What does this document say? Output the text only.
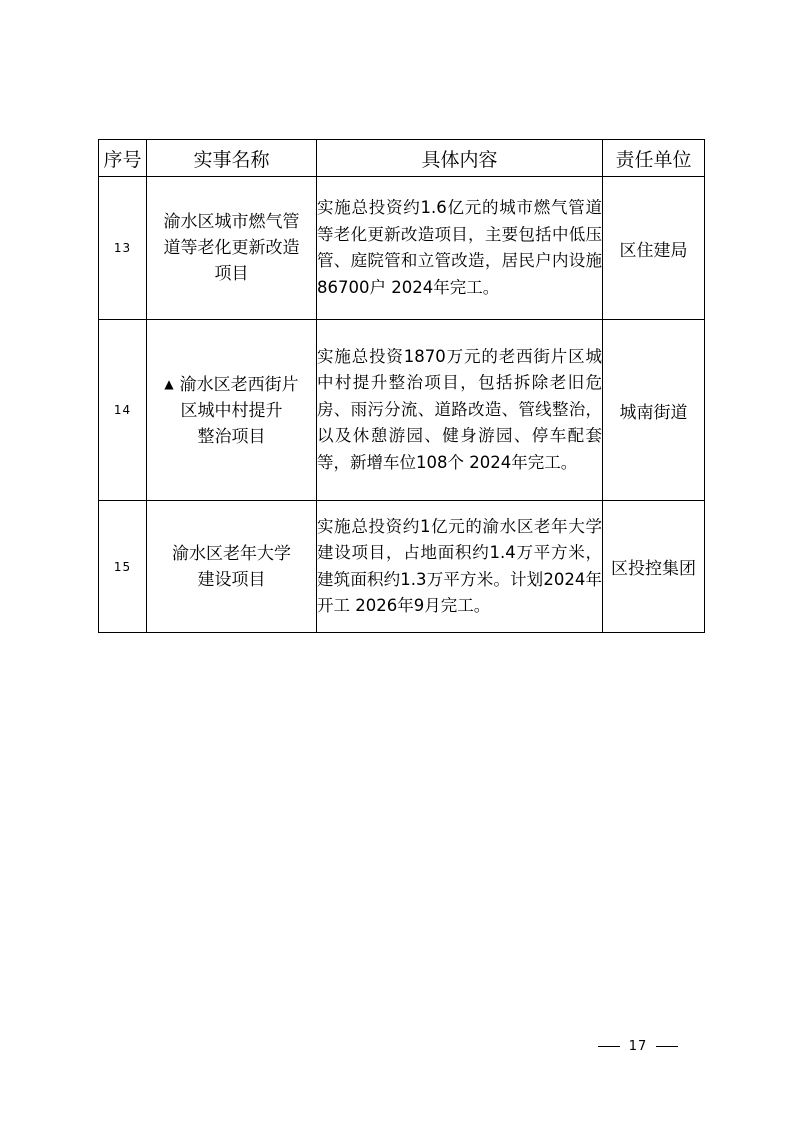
序号	实事名称	具体内容	责任单位
13	渝水区城市燃气管
道等老化更新改造
项目	实施总投资约1.6亿元的城市燃气管道等老化更新改造项目，主要包括中低压管、庭院管和立管改造，居民户内设施86700户 2024年完工。	区住建局
14	▲ 渝水区老西街片
区城中村提升
整治项目	实施总投资1870万元的老西街片区城中村提升整治项目，包括拆除老旧危房、雨污分流、道路改造、管线整治，以及休憩游园、健身游园、停车配套等，新增车位108个 2024年完工。	城南街道
15	渝水区老年大学
建设项目	实施总投资约1亿元的渝水区老年大学建设项目，占地面积约1.4万平方米，建筑面积约1.3万平方米。计划2024年开工 2026年9月完工。	区投控集团
17
